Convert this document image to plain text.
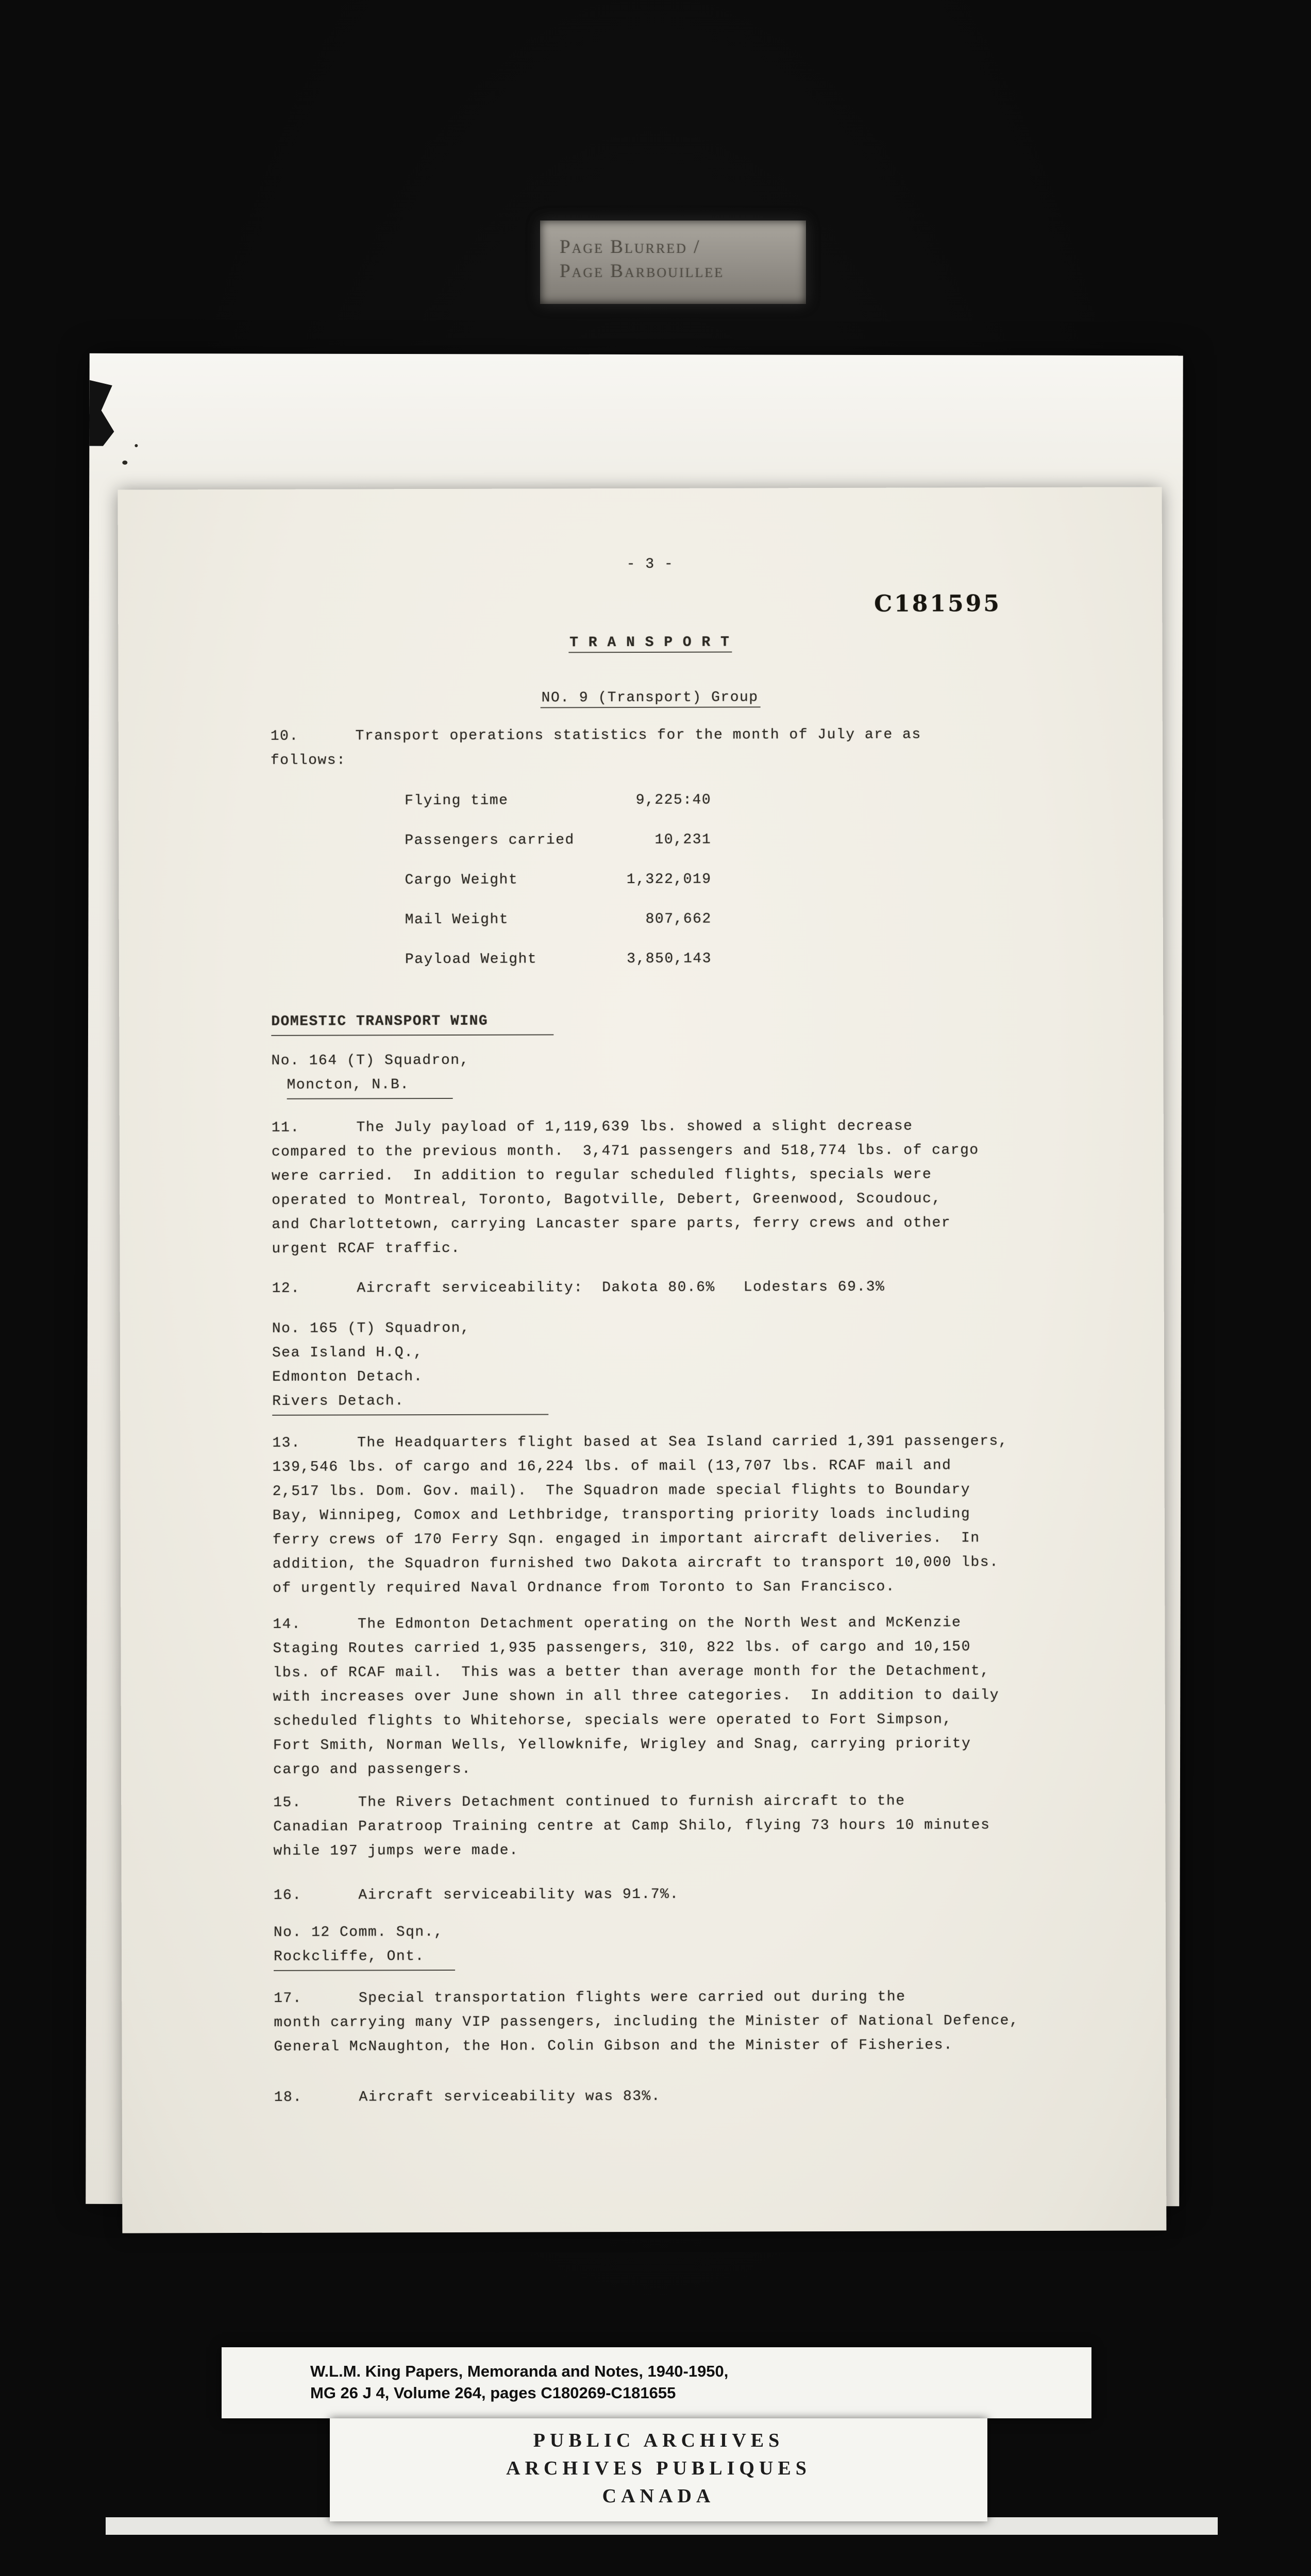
Page Blurred /
Page Barbouillee
- 3 -
C181595
T R A N S P O R T
NO. 9 (Transport) Group
10.      Transport operations statistics for the month of July are as
follows:
Flying time	9,225:40
Passengers carried	10,231
Cargo Weight	1,322,019
Mail Weight	807,662
Payload Weight	3,850,143
DOMESTIC TRANSPORT WING
No. 164 (T) Squadron,
Moncton, N.B.
11.      The July payload of 1,119,639 lbs. showed a slight decrease
compared to the previous month.  3,471 passengers and 518,774 lbs. of cargo
were carried.  In addition to regular scheduled flights, specials were
operated to Montreal, Toronto, Bagotville, Debert, Greenwood, Scoudouc,
and Charlottetown, carrying Lancaster spare parts, ferry crews and other
urgent RCAF traffic.
12.      Aircraft serviceability:  Dakota 80.6%   Lodestars 69.3%
No. 165 (T) Squadron,
Sea Island H.Q.,
Edmonton Detach.
Rivers Detach.
13.      The Headquarters flight based at Sea Island carried 1,391 passengers,
139,546 lbs. of cargo and 16,224 lbs. of mail (13,707 lbs. RCAF mail and
2,517 lbs. Dom. Gov. mail).  The Squadron made special flights to Boundary
Bay, Winnipeg, Comox and Lethbridge, transporting priority loads including
ferry crews of 170 Ferry Sqn. engaged in important aircraft deliveries.  In
addition, the Squadron furnished two Dakota aircraft to transport 10,000 lbs.
of urgently required Naval Ordnance from Toronto to San Francisco.
14.      The Edmonton Detachment operating on the North West and McKenzie
Staging Routes carried 1,935 passengers, 310, 822 lbs. of cargo and 10,150
lbs. of RCAF mail.  This was a better than average month for the Detachment,
with increases over June shown in all three categories.  In addition to daily
scheduled flights to Whitehorse, specials were operated to Fort Simpson,
Fort Smith, Norman Wells, Yellowknife, Wrigley and Snag, carrying priority
cargo and passengers.
15.      The Rivers Detachment continued to furnish aircraft to the
Canadian Paratroop Training centre at Camp Shilo, flying 73 hours 10 minutes
while 197 jumps were made.
16.      Aircraft serviceability was 91.7%.
No. 12 Comm. Sqn.,
Rockcliffe, Ont.
17.      Special transportation flights were carried out during the
month carrying many VIP passengers, including the Minister of National Defence,
General McNaughton, the Hon. Colin Gibson and the Minister of Fisheries.
18.      Aircraft serviceability was 83%.
W.L.M. King Papers, Memoranda and Notes, 1940-1950,
MG 26 J 4, Volume 264, pages C180269-C181655
PUBLIC ARCHIVES
ARCHIVES PUBLIQUES
CANADA
